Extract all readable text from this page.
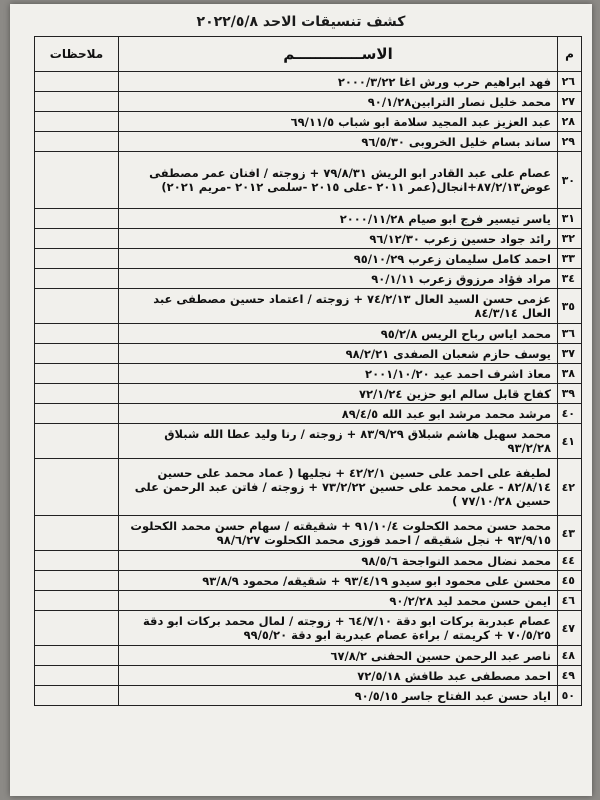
كشف تنسيقات الاحد ٢٠٢٢/٥/٨
م	الاســـــــــــــم	ملاحظات
٢٦	فهد ابراهيم حرب ورش اغا ٢٠٠٠/٣/٢٢	
٢٧	محمد خليل نصار الترابين٩٠/١/٢٨	
٢٨	عبد العزيز عبد المجيد سلامة ابو شباب ٦٩/١١/٥	
٢٩	ساند بسام خليل الخروبى ٩٦/٥/٣٠	
٣٠	عصام على عبد القادر ابو الريش ٧٩/٨/٣١ + زوجته / افنان عمر مصطفى عوض٨٧/٢/١٣+انجال(عمر ٢٠١١ -على ٢٠١٥ -سلمى ٢٠١٢ -مريم ٢٠٢١)	
٣١	ياسر تيسير فرج ابو صيام ٢٠٠٠/١١/٢٨	
٣٢	رائد جواد حسين زعرب ٩٦/١٢/٣٠	
٣٣	احمد كامل سليمان زعرب ٩٥/١٠/٢٩	
٣٤	مراد فؤاد مرزوق زعرب ٩٠/١/١١	
٣٥	عزمى حسن السيد العال ٧٤/٢/١٣ + زوجته / اعتماد حسين مصطفى عبد العال ٨٤/٣/١٤	
٣٦	محمد اياس رباح الريس ٩٥/٢/٨	
٣٧	يوسف حازم شعبان الصفدى ٩٨/٢/٢١	
٣٨	معاذ اشرف احمد عيد ٢٠٠١/١٠/٢٠	
٣٩	كفاح قابل سالم ابو حزين ٧٢/١/٢٤	
٤٠	مرشد محمد مرشد ابو عبد الله ٨٩/٤/٥	
٤١	محمد سهيل هاشم شبلاق ٨٣/٩/٢٩ + زوجته / رنا وليد عطا الله شبلاق ٩٣/٢/٢٨	
٤٢	لطيفة على احمد على حسين ٤٢/٢/١ + نجليها ( عماد محمد على حسين ٨٢/٨/١٤ - على محمد على حسين ٧٣/٢/٢٢ + زوجته / فاتن عبد الرحمن على حسين ٧٧/١٠/٢٨ )	
٤٣	محمد حسن محمد الكحلوت ٩١/١٠/٤ + شقيقته / سهام حسن محمد الكحلوت ٩٣/٩/١٥ + نجل شقيقه / احمد فوزى محمد الكحلوت ٩٨/٦/٢٧	
٤٤	محمد نضال محمد النواجحة ٩٨/٥/٦	
٤٥	محسن على محمود ابو سيدو ٩٣/٤/١٩ + شقيقه/ محمود ٩٣/٨/٩	
٤٦	ايمن حسن محمد ليد ٩٠/٢/٢٨	
٤٧	عصام عبدربة بركات ابو دقة ٦٤/٧/١٠ + زوجته / لمال محمد بركات ابو دقة ٧٠/٥/٢٥ + كريمته / براءة عصام عبدربة ابو دقة ٩٩/٥/٢٠	
٤٨	ناصر عبد الرحمن حسين الحفنى ٦٧/٨/٢	
٤٩	احمد مصطفى عبد طافش ٧٢/٥/١٨	
٥٠	اياد حسن عبد الفتاح جاسر ٩٠/٥/١٥	
